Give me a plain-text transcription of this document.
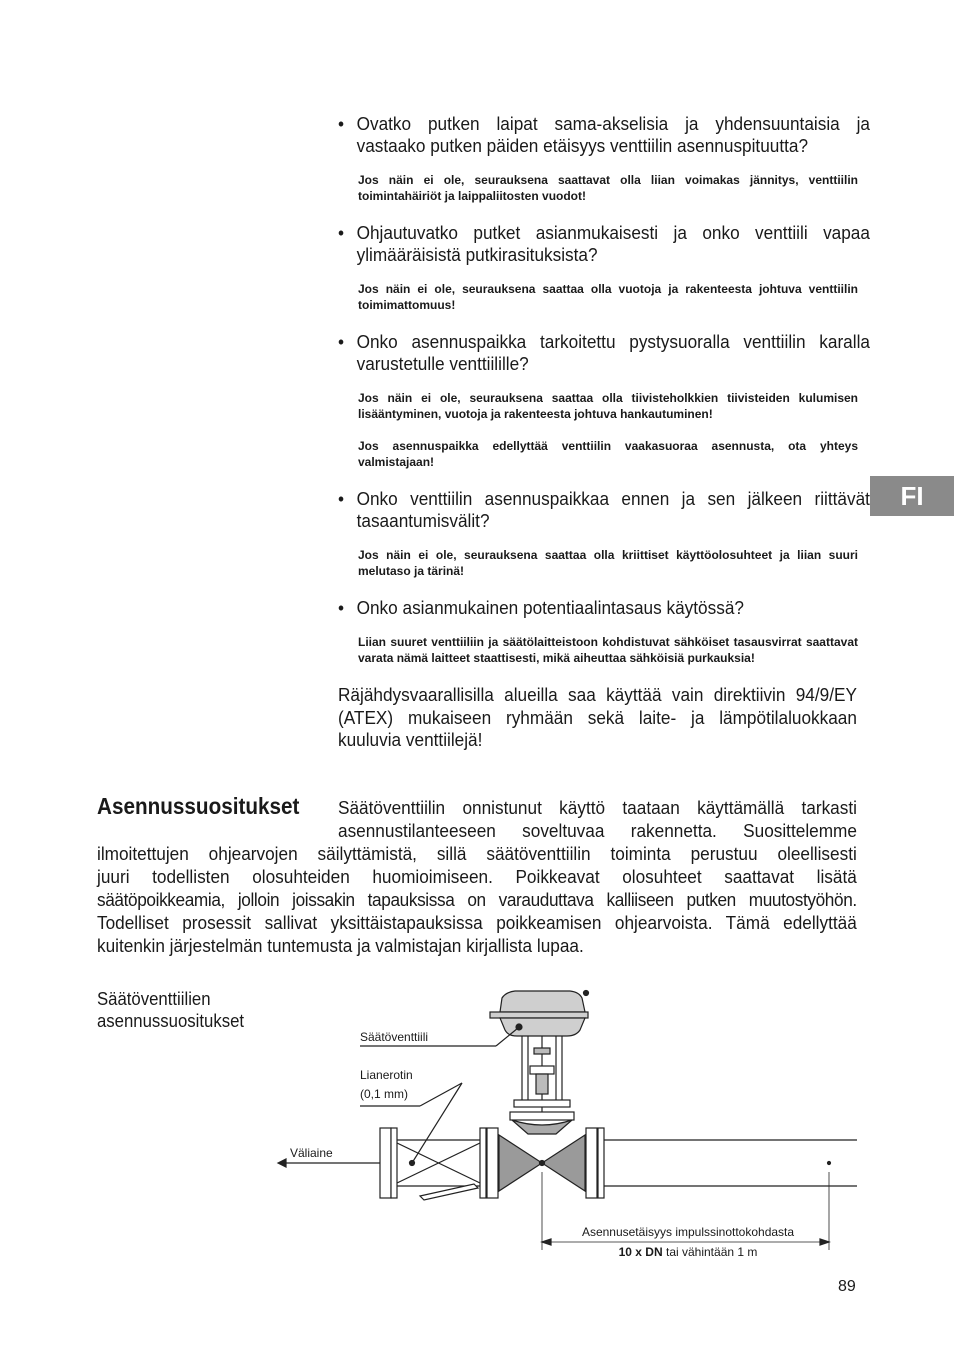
FI
• Ovatko putken laipat sama-akselisia ja yhdensuuntaisia ja vastaako putken päiden etäisyys venttiilin asennuspituutta?
Jos näin ei ole, seurauksena saattavat olla liian voimakas jännitys, venttiilin toimintahäiriöt ja laippaliitosten vuodot!
• Ohjautuvatko putket asianmukaisesti ja onko venttiili vapaa ylimääräisistä putkirasituksista?
Jos näin ei ole, seurauksena saattaa olla vuotoja ja rakenteesta johtuva venttiilin toimimattomuus!
• Onko asennuspaikka tarkoitettu pystysuoralla venttiilin karalla varustetulle venttiilille?
Jos näin ei ole, seurauksena saattaa olla tiivisteholkkien tiivisteiden kulumisen lisääntyminen, vuotoja ja rakenteesta johtuva hankautuminen!
Jos asennuspaikka edellyttää venttiilin vaakasuoraa asennusta, ota yhteys valmistajaan!
• Onko venttiilin asennuspaikkaa ennen ja sen jälkeen riittävät tasaantumisvälit?
Jos näin ei ole, seurauksena saattaa olla kriittiset käyttöolosuhteet ja liian suuri melutaso ja tärinä!
• Onko asianmukainen potentiaalintasaus käytössä?
Liian suuret venttiiliin ja säätölaitteistoon kohdistuvat sähköiset tasausvirrat saattavat varata nämä laitteet staattisesti, mikä aiheuttaa sähköisiä purkauksia!
Räjähdysvaarallisilla alueilla saa käyttää vain direktiivin 94/9/EY (ATEX) mukaiseen ryhmään sekä laite- ja lämpötilaluokkaan kuuluvia venttiilejä!
Asennussuositukset Säätöventtiilin onnistunut käyttö taataan käyttämällä tarkasti
asennustilanteeseen soveltuvaa rakennetta. Suosittelemme
ilmoitettujen ohjearvojen säilyttämistä, sillä säätöventtiilin toiminta perustuu oleellisesti
juuri todellisten olosuhteiden huomioimiseen. Poikkeavat olosuhteet saattavat lisätä
säätöpoikkeamia, jolloin joissakin tapauksissa on varauduttava kalliiseen putken muutostyöhön.
Todelliset prosessit sallivat yksittäistapauksissa poikkeamisen ohjearvoista. Tämä edellyttää
kuitenkin järjestelmän tuntemusta ja valmistajan kirjallista lupaa.
Säätöventtiilien
asennussuositukset
Säätöventtiili
Lianerotin
(0,1 mm)
Väliaine
Asennusetäisyys impulssinottokohdasta
10 x DN tai vähintään 1 m
89
